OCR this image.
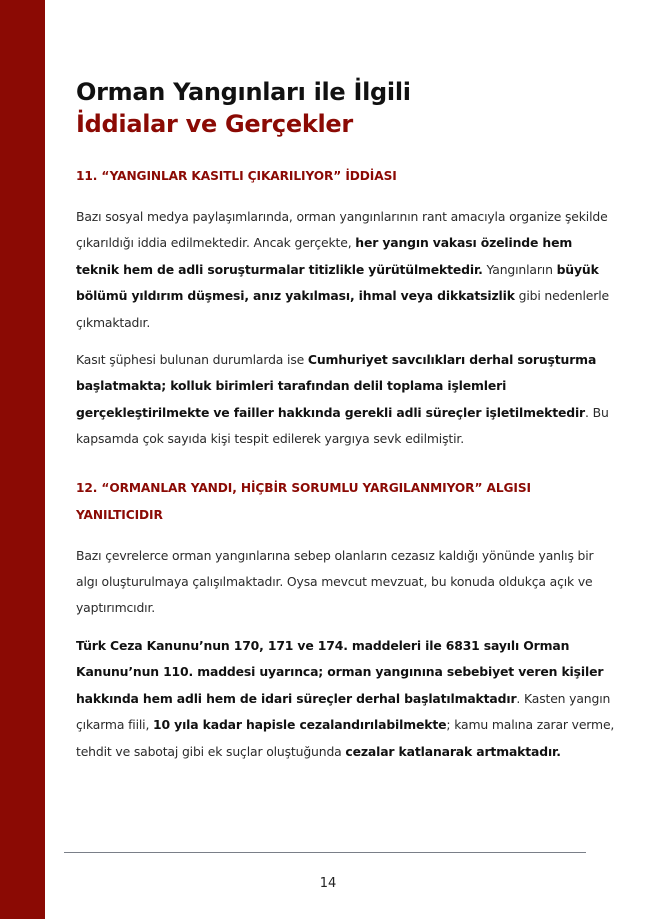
Orman Yangınları ile İlgili
İddialar ve Gerçekler
11. “YANGINLAR KASITLI ÇIKARILIYOR” İDDİASI

Bazı sosyal medya paylaşımlarında, orman yangınlarının rant amacıyla organize şekilde çıkarıldığı iddia edilmektedir. Ancak gerçekte, her yangın vakası özelinde hem teknik hem de adli soruşturmalar titizlikle yürütülmektedir. Yangınların büyük bölümü yıldırım düşmesi, anız yakılması, ihmal veya dikkatsizlik gibi nedenlerle çıkmaktadır.

Kasıt şüphesi bulunan durumlarda ise Cumhuriyet savcılıkları derhal soruşturma başlatmakta; kolluk birimleri tarafından delil toplama işlemleri gerçekleştirilmekte ve failler hakkında gerekli adli süreçler işletilmektedir. Bu kapsamda çok sayıda kişi tespit edilerek yargıya sevk edilmiştir.

12. “ORMANLAR YANDI, HİÇBİR SORUMLU YARGILANMIYOR” ALGISI YANILTICIDIR

Bazı çevrelerce orman yangınlarına sebep olanların cezasız kaldığı yönünde yanlış bir algı oluşturulmaya çalışılmaktadır. Oysa mevcut mevzuat, bu konuda oldukça açık ve yaptırımcıdır.

Türk Ceza Kanunu’nun 170, 171 ve 174. maddeleri ile 6831 sayılı Orman Kanunu’nun 110. maddesi uyarınca; orman yangınına sebebiyet veren kişiler hakkında hem adli hem de idari süreçler derhal başlatılmaktadır. Kasten yangın çıkarma fiili, 10 yıla kadar hapisle cezalandırılabilmekte; kamu malına zarar verme, tehdit ve sabotaj gibi ek suçlar oluştuğunda cezalar katlanarak artmaktadır.

14
